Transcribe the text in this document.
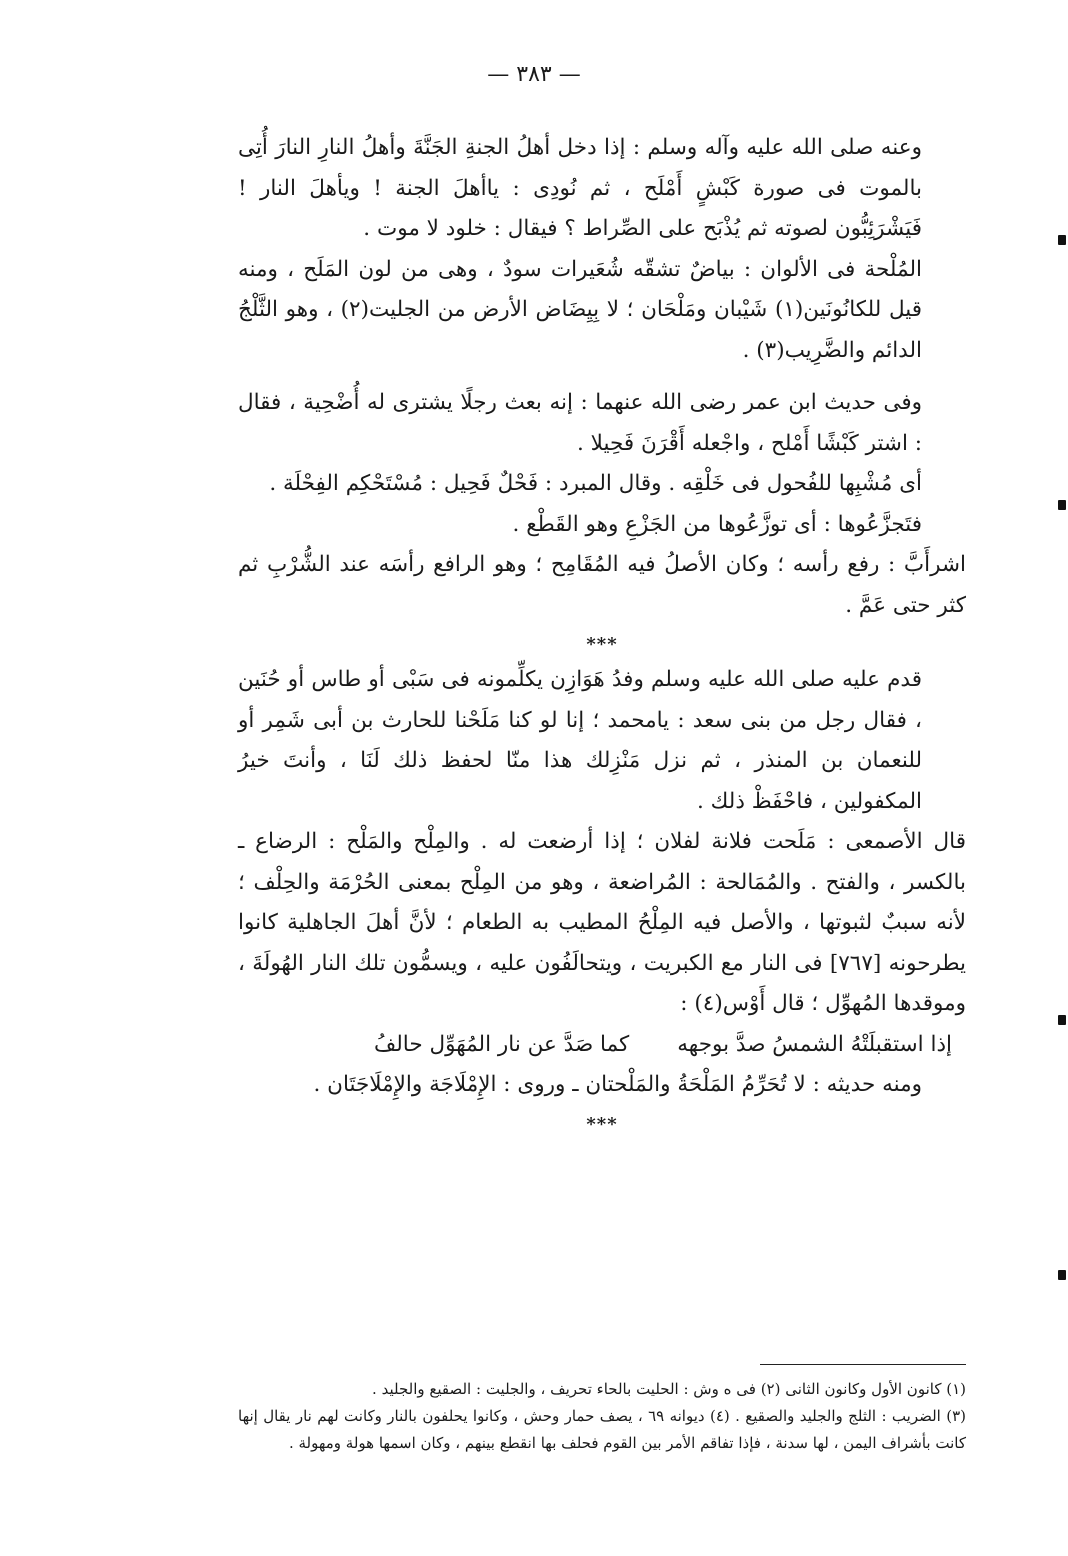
— ٣٨٣ —

وعنه صلى الله عليه وآله وسلم : إذا دخل أهلُ الجنةِ الجَنَّةَ وأهلُ النارِ النارَ أُتِى بالموت فى صورة كَبْشٍ أَمْلَح ، ثم نُودِى : ياأهلَ الجنة ! ويأهلَ النار ! فَيَشْرَئِبُّون لصوته ثم يُذْبَح على الصِّراط ؟ فيقال : خلود لا موت .

المُلْحة فى الألوان : بياضٌ تشقّه شُعَيرات سودٌ ، وهى من لون المَلَح ، ومنه قيل للكانُونَين(١) شَيْبان ومَلْحَان ؛ لا بِيِضَاض الأرض من الجليت(٢) ، وهو الثَّلْجُ الدائم والضَّرِيب(٣) .

وفى حديث ابن عمر رضى الله عنهما : إنه بعث رجلًا يشترى له أُضْحِية ، فقال : اشتر كَبْشًا أَمْلح ، واجْعله أَقْرَنَ فَحِيلا .

أى مُشْبِها للفُحول فى خَلْقِه . وقال المبرد : فَحْلٌ فَحِيل : مُسْتَحْكِم الفِحْلَة .

فتَجزَّعُوها : أى توزَّعُوها من الجَزْعِ وهو القَطْع .

اشرأَبَّ : رفع رأسه ؛ وكان الأصلُ فيه المُقَامِح ؛ وهو الرافع رأسَه عند الشُّرْبِ ثم كثر حتى عَمَّ .

***

قدم عليه صلى الله عليه وسلم وفدُ هَوَازِن يكلِّمونه فى سَبْى أو طاس أو حُنَين ، فقال رجل من بنى سعد : يامحمد ؛ إنا لو كنا مَلَحْنا للحارث بن أبى شَمِر أو للنعمان بن المنذر ، ثم نزل مَنْزِلك هذا منّا لحفظ ذلك لَنَا ، وأنتَ خيرُ المكفولين ، فاحْفَظْ ذلك .

قال الأصمعى : مَلَحت فلانة لفلان ؛ إذا أرضعت له . والمِلْح والمَلْح : الرضاع ـ بالكسر ، والفتح . والمُمَالحة : المُراضعة ، وهو من المِلْح بمعنى الحُرْمَة والحِلْف ؛ لأنه سببٌ لثبوتها ، والأصل فيه المِلْحُ المطيب به الطعام ؛ لأنَّ أهلَ الجاهلية كانوا يطرحونه [٧٦٧] فى النار مع الكبريت ، ويتحالَفُون عليه ، ويسمُّون تلك النار الهُولَةَ ، وموقدها المُهوِّل ؛ قال أَوْس(٤) :

إذا استقبلَتْهُ الشمسُ صدَّ بوجههكما صَدَّ عن نار المُهَوِّل حالفُ

ومنه حديثه : لا تُحَرِّمُ المَلْحَةُ والمَلْحتان ـ وروى : الإِمْلَاجَة والإِمْلَاجَتَان .

***

(١) كانون الأول وكانون الثانى (٢) فى ه وش : الحليت بالحاء تحريف ، والجليت : الصقيع والجليد .

(٣) الضريب : الثلج والجليد والصقيع . (٤) ديوانه ٦٩ ، يصف حمار وحش ، وكانوا يحلفون بالنار وكانت لهم نار يقال إنها كانت بأشراف اليمن ، لها سدنة ، فإذا تفاقم الأمر بين القوم فحلف بها انقطع بينهم ، وكان اسمها هولة ومهولة .
